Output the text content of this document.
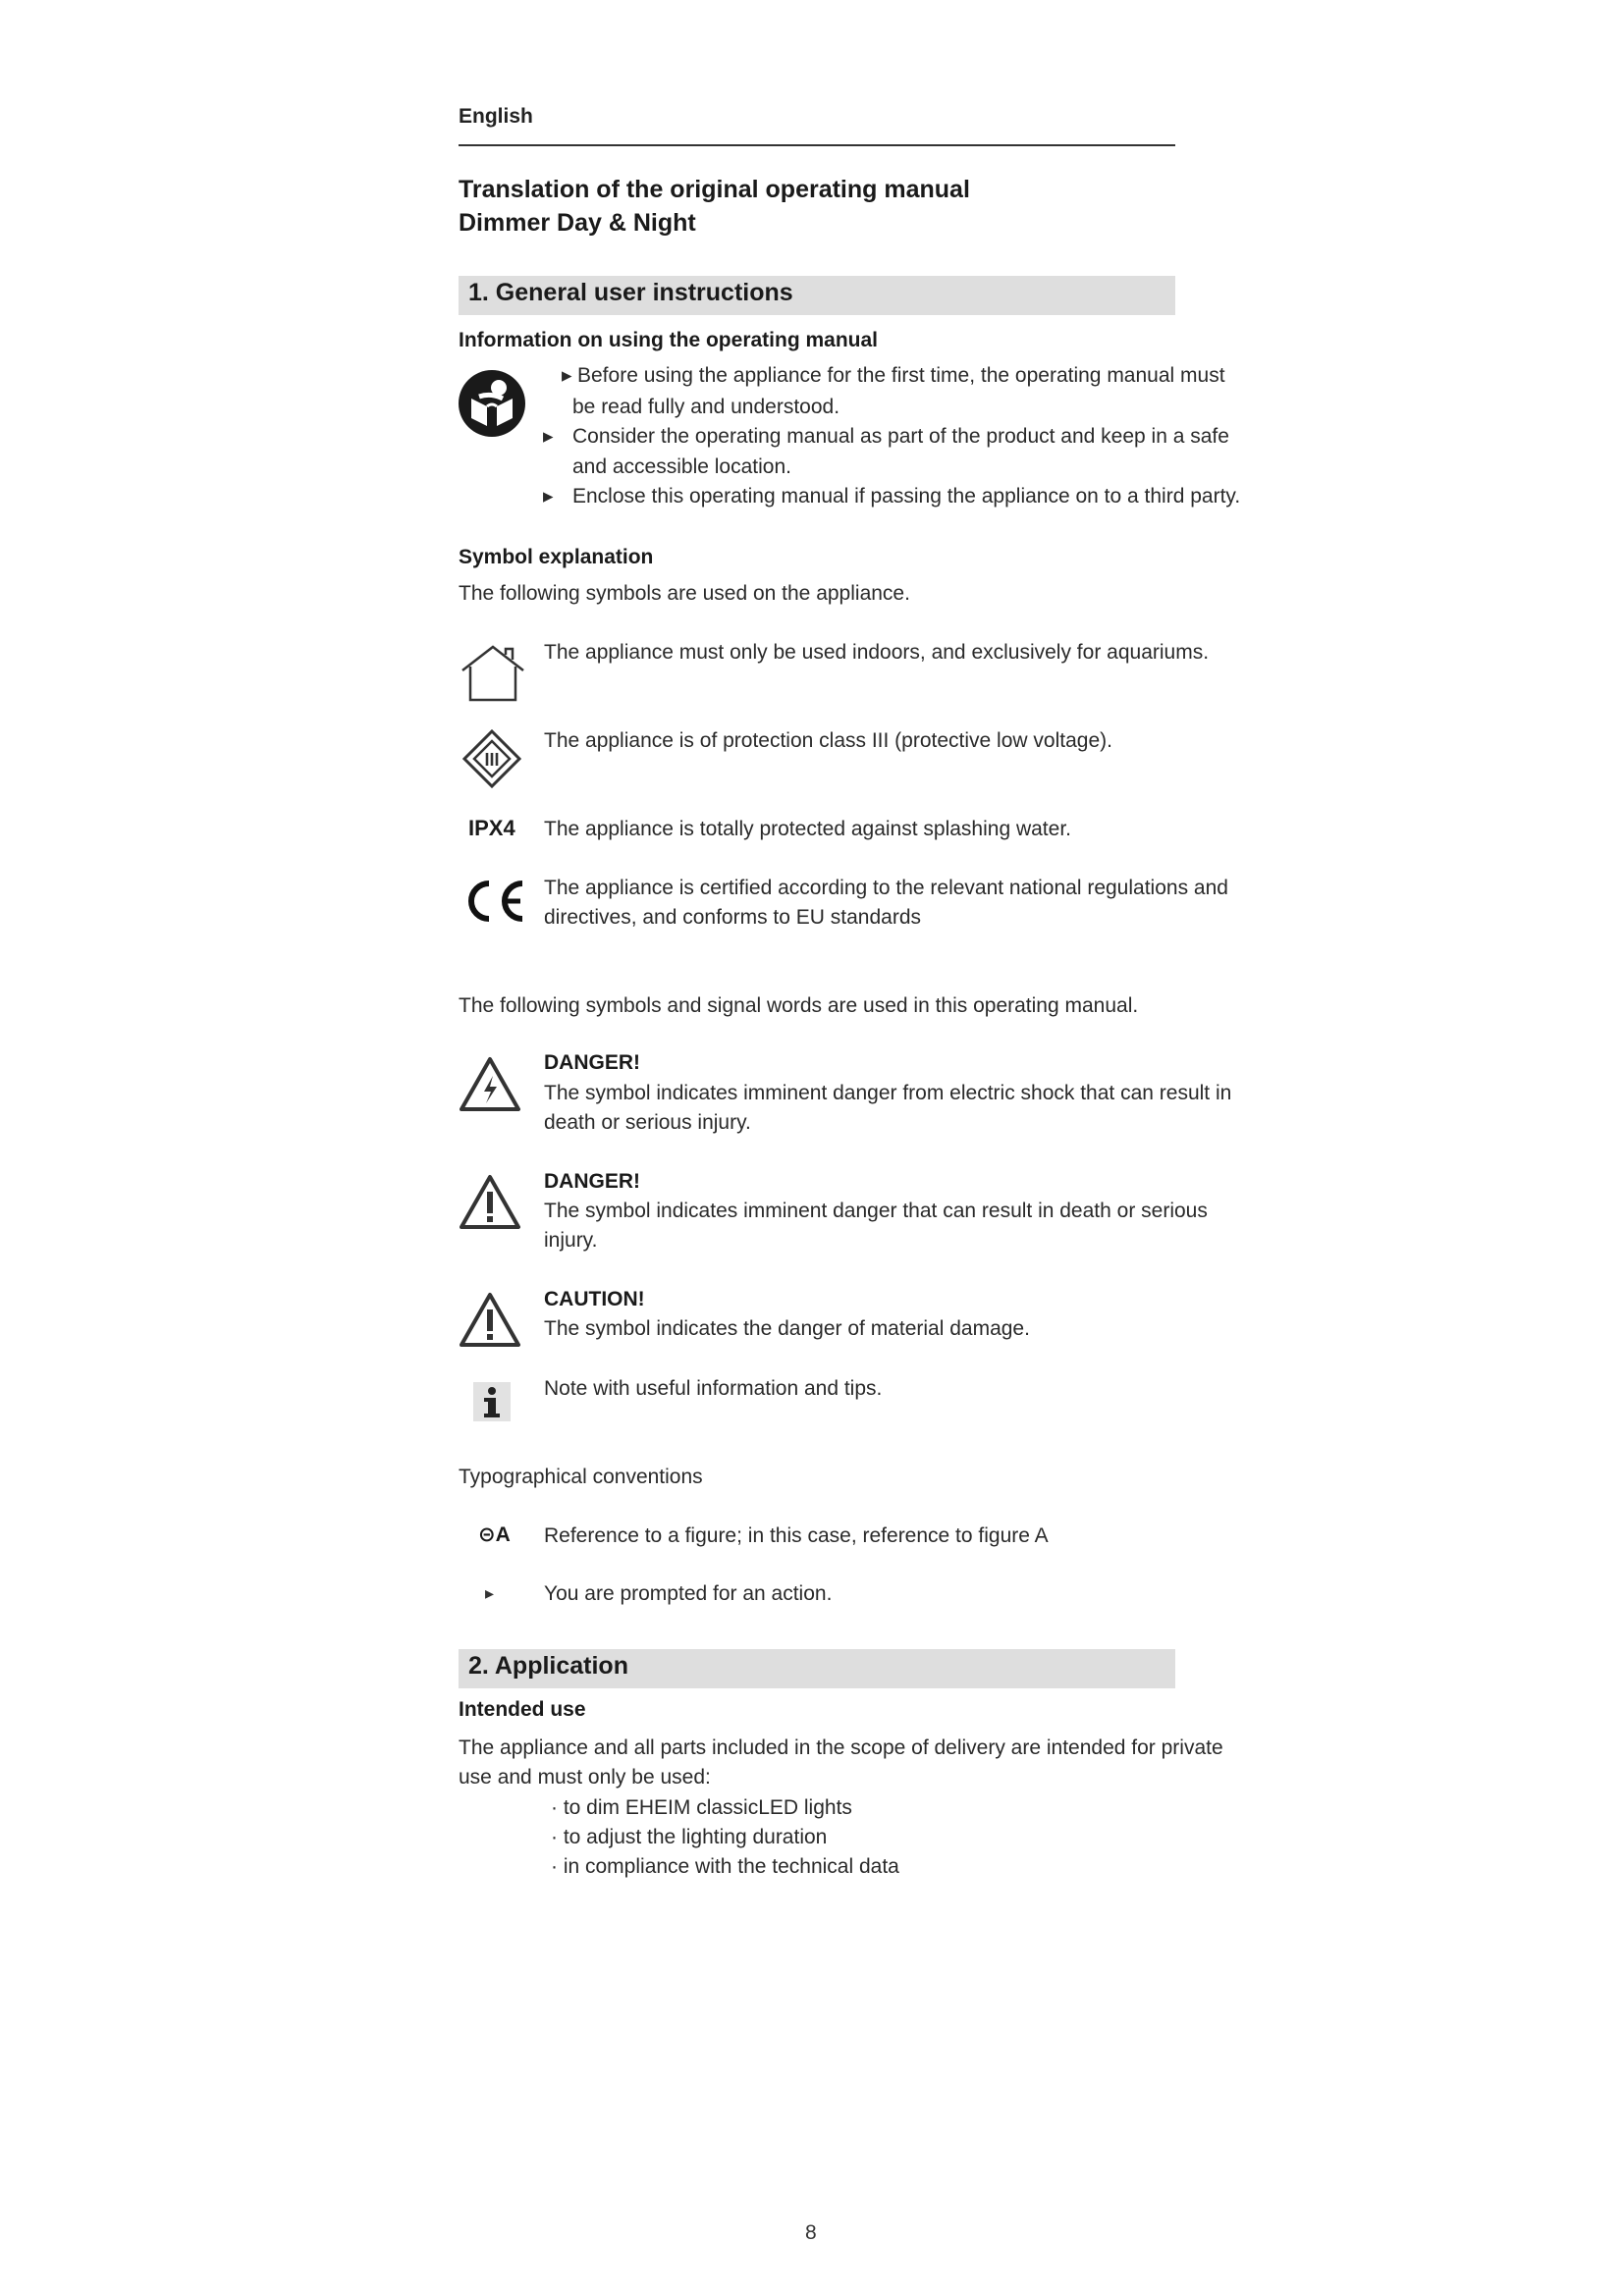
English
Translation of the original operating manual
Dimmer Day & Night
1. General user instructions
Information on using the operating manual
▸ Before using the appliance for the first time, the operating manual must
be read fully and understood.
▸ Consider the operating manual as part of the product and keep in a safe
and accessible location.
▸ Enclose this operating manual if passing the appliance on to a third party.
Symbol explanation
The following symbols are used on the appliance.
The appliance must only be used indoors, and exclusively for aquariums.
III
The appliance is of protection class III (protective low voltage).
IPX4 The appliance is totally protected against splashing water.
The appliance is certified according to the relevant national regulations and
directives, and conforms to EU standards
The following symbols and signal words are used in this operating manual.
DANGER!
The symbol indicates imminent danger from electric shock that can result in
death or serious injury.
DANGER!
The symbol indicates imminent danger that can result in death or serious
injury.
CAUTION!
The symbol indicates the danger of material damage.
Note with useful information and tips.
Typographical conventions
⊝A Reference to a figure; in this case, reference to figure A
▸ You are prompted for an action.
2. Application
Intended use
The appliance and all parts included in the scope of delivery are intended for private
use and must only be used:
· to dim EHEIM classicLED lights
· to adjust the lighting duration
· in compliance with the technical data
8
